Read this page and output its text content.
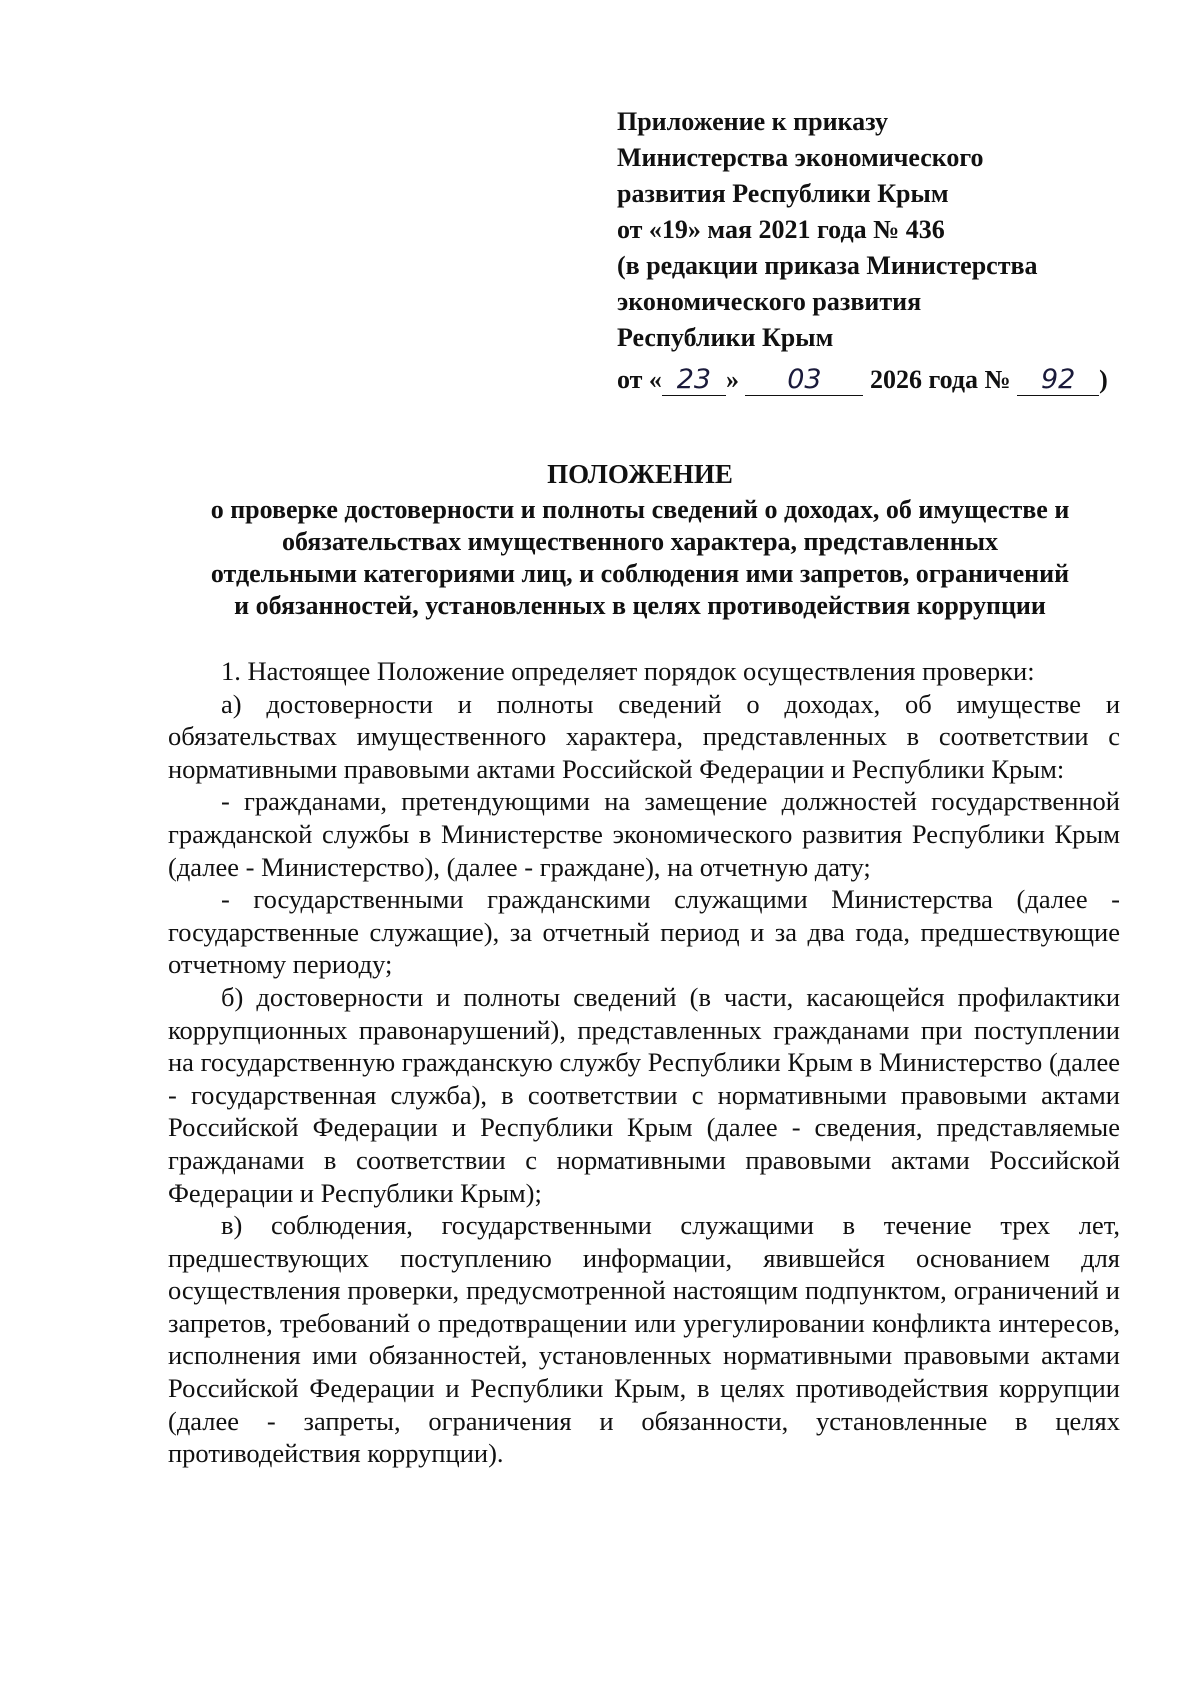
Приложение к приказу
Министерства экономического
развития Республики Крым
от «19» мая 2021 года № 436
(в редакции приказа Министерства
экономического развития
Республики Крым
от « 23 » 03 2026 года № 92 )
ПОЛОЖЕНИЕ
о проверке достоверности и полноты сведений о доходах, об имуществе и
обязательствах имущественного характера, представленных
отдельными категориями лиц, и соблюдения ими запретов, ограничений
и обязанностей, установленных в целях противодействия коррупции

1. Настоящее Положение определяет порядок осуществления проверки:

а) достоверности и полноты сведений о доходах, об имуществе и обязательствах имущественного характера, представленных в соответствии с нормативными правовыми актами Российской Федерации и Республики Крым:

- гражданами, претендующими на замещение должностей государственной гражданской службы в Министерстве экономического развития Республики Крым (далее - Министерство), (далее - граждане), на отчетную дату;

- государственными гражданскими служащими Министерства (далее - государственные служащие), за отчетный период и за два года, предшествующие отчетному периоду;

б) достоверности и полноты сведений (в части, касающейся профилактики коррупционных правонарушений), представленных гражданами при поступлении на государственную гражданскую службу Республики Крым в Министерство (далее - государственная служба), в соответствии с нормативными правовыми актами Российской Федерации и Республики Крым (далее - сведения, представляемые гражданами в соответствии с нормативными правовыми актами Российской Федерации и Республики Крым);

в) соблюдения, государственными служащими в течение трех лет, предшествующих поступлению информации, явившейся основанием для осуществления проверки, предусмотренной настоящим подпунктом, ограничений и запретов, требований о предотвращении или урегулировании конфликта интересов, исполнения ими обязанностей, установленных нормативными правовыми актами Российской Федерации и Республики Крым, в целях противодействия коррупции (далее - запреты, ограничения и обязанности, установленные в целях противодействия коррупции).
